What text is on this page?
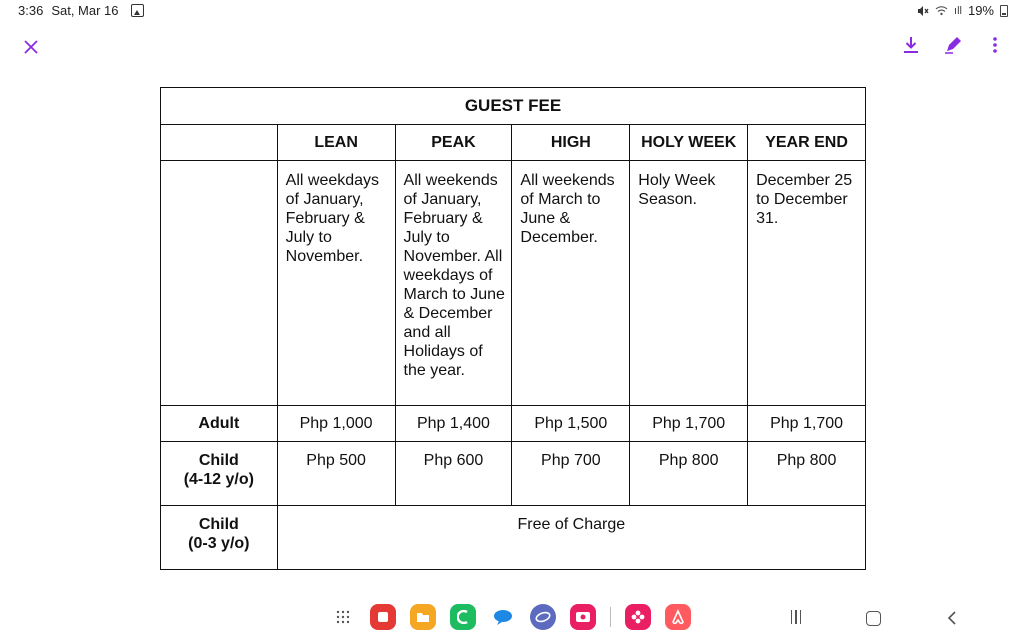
3:36 Sat, Mar 16	ıll 19%
GUEST FEE					
	LEAN	PEAK	HIGH	HOLY WEEK	YEAR END
	All weekdays of January, February & July to November.	All weekends of January, February & July to November. All weekdays of March to June & December and all Holidays of the year.	All weekends of March to June & December.	Holy Week Season.	December 25 to December 31.
Adult	Php 1,000	Php 1,400	Php 1,500	Php 1,700	Php 1,700

Child
(4-12 y/o)	Php 500	Php 600	Php 700	Php 800	Php 800

Child
(0-3 y/o)	Free of Charge				
